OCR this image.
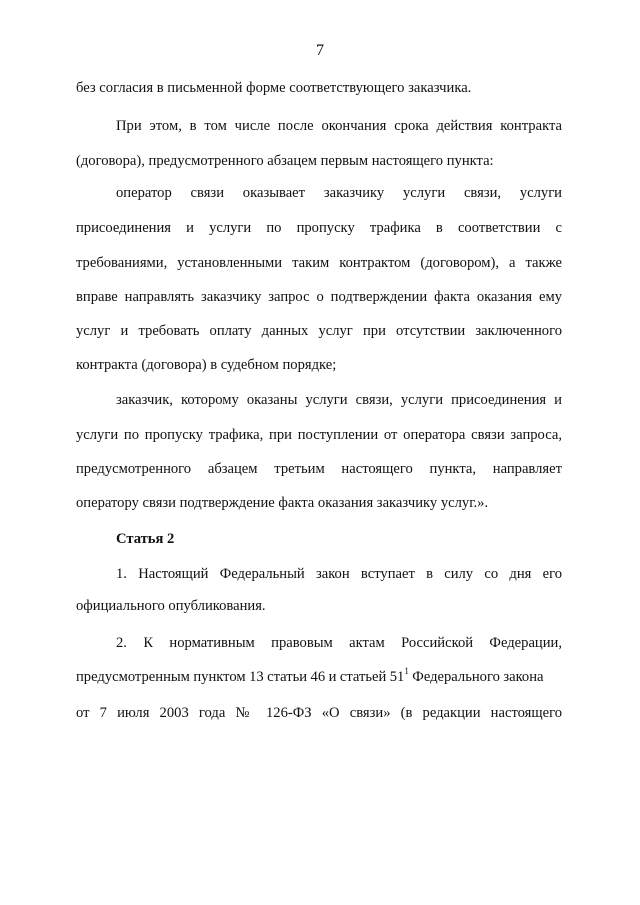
7
без согласия в письменной форме соответствующего заказчика.
При этом, в том числе после окончания срока действия контракта
(договора), предусмотренного абзацем первым настоящего пункта:
оператор связи оказывает заказчику услуги связи, услуги
присоединения и услуги по пропуску трафика в соответствии с
требованиями, установленными таким контрактом (договором), а также
вправе направлять заказчику запрос о подтверждении факта оказания ему
услуг и требовать оплату данных услуг при отсутствии заключенного
контракта (договора) в судебном порядке;
заказчик, которому оказаны услуги связи, услуги присоединения и
услуги по пропуску трафика, при поступлении от оператора связи запроса,
предусмотренного абзацем третьим настоящего пункта, направляет
оператору связи подтверждение факта оказания заказчику услуг.».
Статья 2
1. Настоящий Федеральный закон вступает в силу со дня его
официального опубликования.
2. К нормативным правовым актам Российской Федерации,
предусмотренным пунктом 13 статьи 46 и статьей $51^1$ Федерального закона
от 7 июля 2003 года № 126-ФЗ «О связи» (в редакции настоящего
